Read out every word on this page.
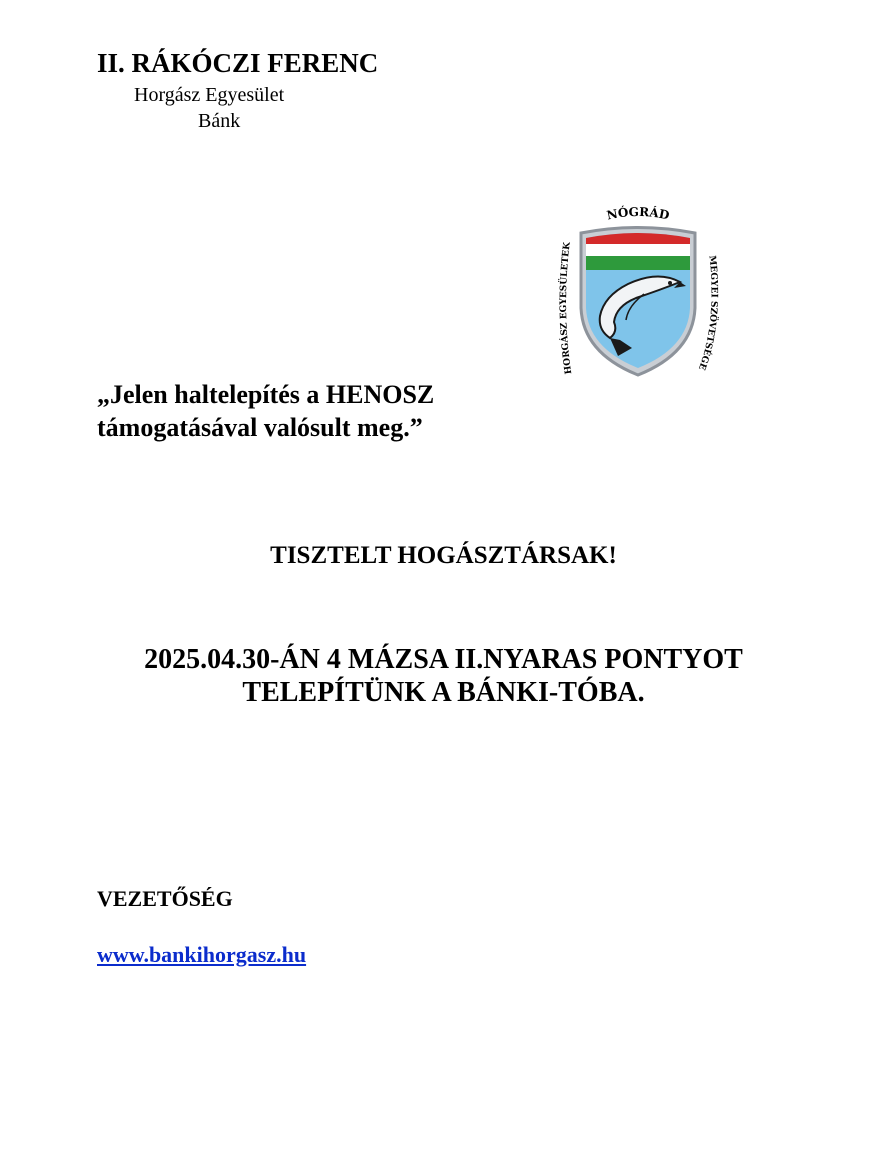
II. RÁKÓCZI FERENC
Horgász Egyesület
Bánk
NÓGRÁD
HORGÁSZ EGYESÜLETEK
MEGYEI SZÖVETSÉGE
„Jelen haltelepítés a HENOSZ
támogatásával valósult meg.”
TISZTELT HOGÁSZTÁRSAK!
2025.04.30-ÁN 4 MÁZSA II.NYARAS PONTYOT
TELEPÍTÜNK A BÁNKI-TÓBA.
VEZETŐSÉG
www.bankihorgasz.hu
